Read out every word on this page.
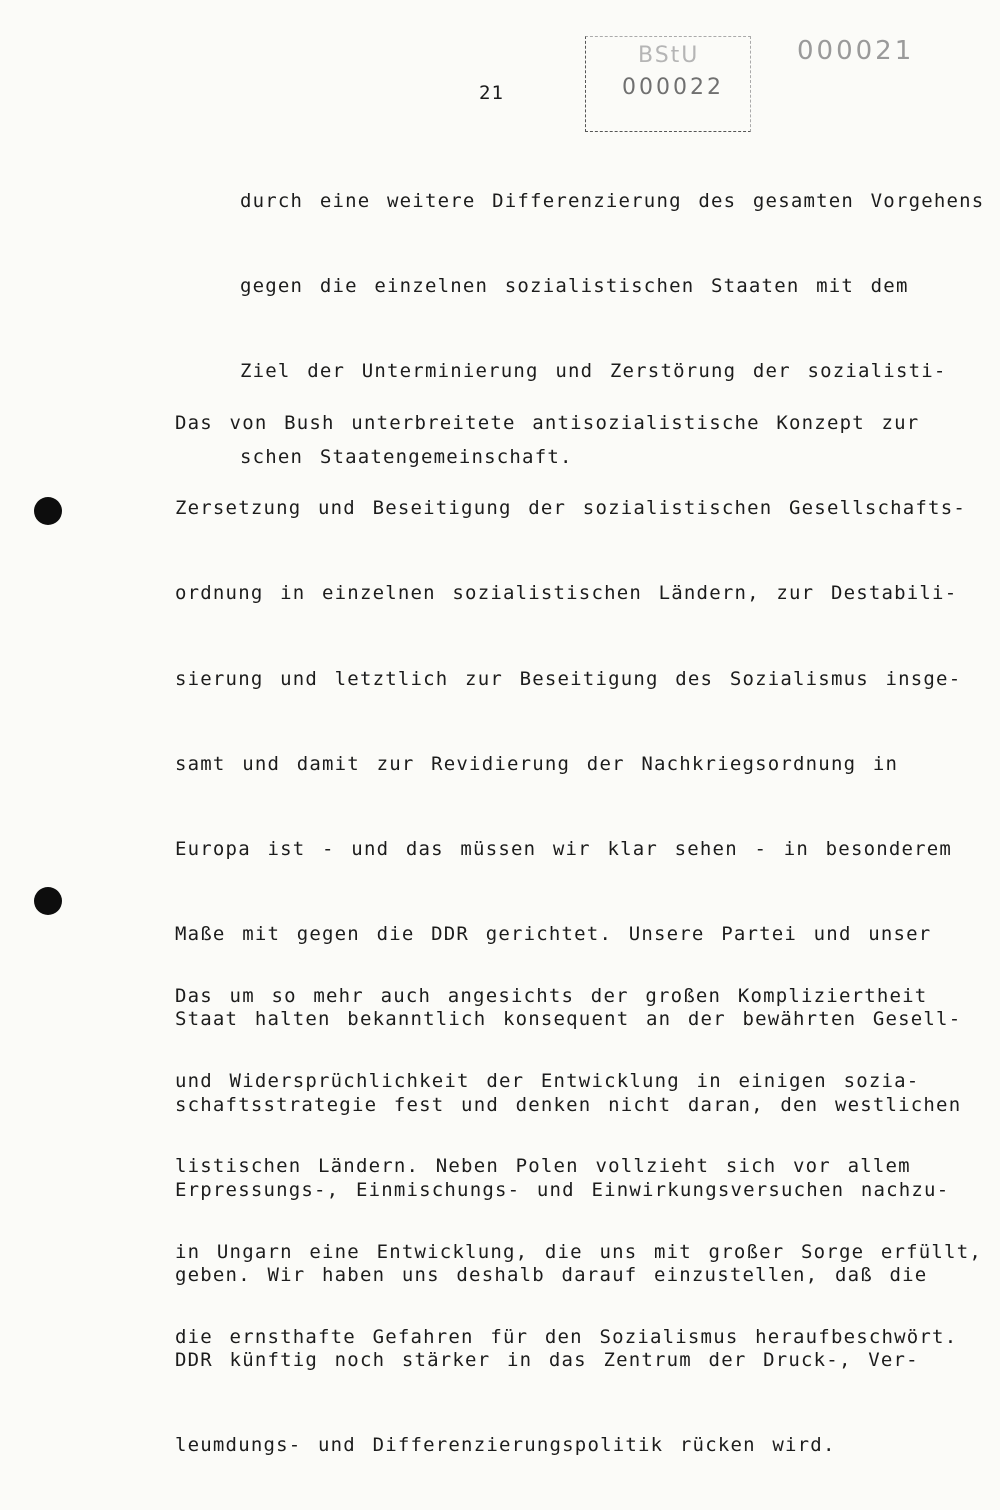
21
BStU
000022
000021

durch eine weitere Differenzierung des gesamten Vorgehens

gegen die einzelnen sozialistischen Staaten mit dem

Ziel der Unterminierung und Zerstörung der sozialisti-

schen Staatengemeinschaft.

Das von Bush unterbreitete antisozialistische Konzept zur

Zersetzung und Beseitigung der sozialistischen Gesellschafts-

ordnung in einzelnen sozialistischen Ländern, zur Destabili-

sierung und letztlich zur Beseitigung des Sozialismus insge-

samt und damit zur Revidierung der Nachkriegsordnung in

Europa ist - und das müssen wir klar sehen - in besonderem

Maße mit gegen die DDR gerichtet. Unsere Partei und unser

Staat halten bekanntlich konsequent an der bewährten Gesell-

schaftsstrategie fest und denken nicht daran, den westlichen

Erpressungs-, Einmischungs- und Einwirkungsversuchen nachzu-

geben. Wir haben uns deshalb darauf einzustellen, daß die

DDR künftig noch stärker in das Zentrum der Druck-, Ver-

leumdungs- und Differenzierungspolitik rücken wird.

Das um so mehr auch angesichts der großen Kompliziertheit

und Widersprüchlichkeit der Entwicklung in einigen sozia-

listischen Ländern. Neben Polen vollzieht sich vor allem

in Ungarn eine Entwicklung, die uns mit großer Sorge erfüllt,

die ernsthafte Gefahren für den Sozialismus heraufbeschwört.
